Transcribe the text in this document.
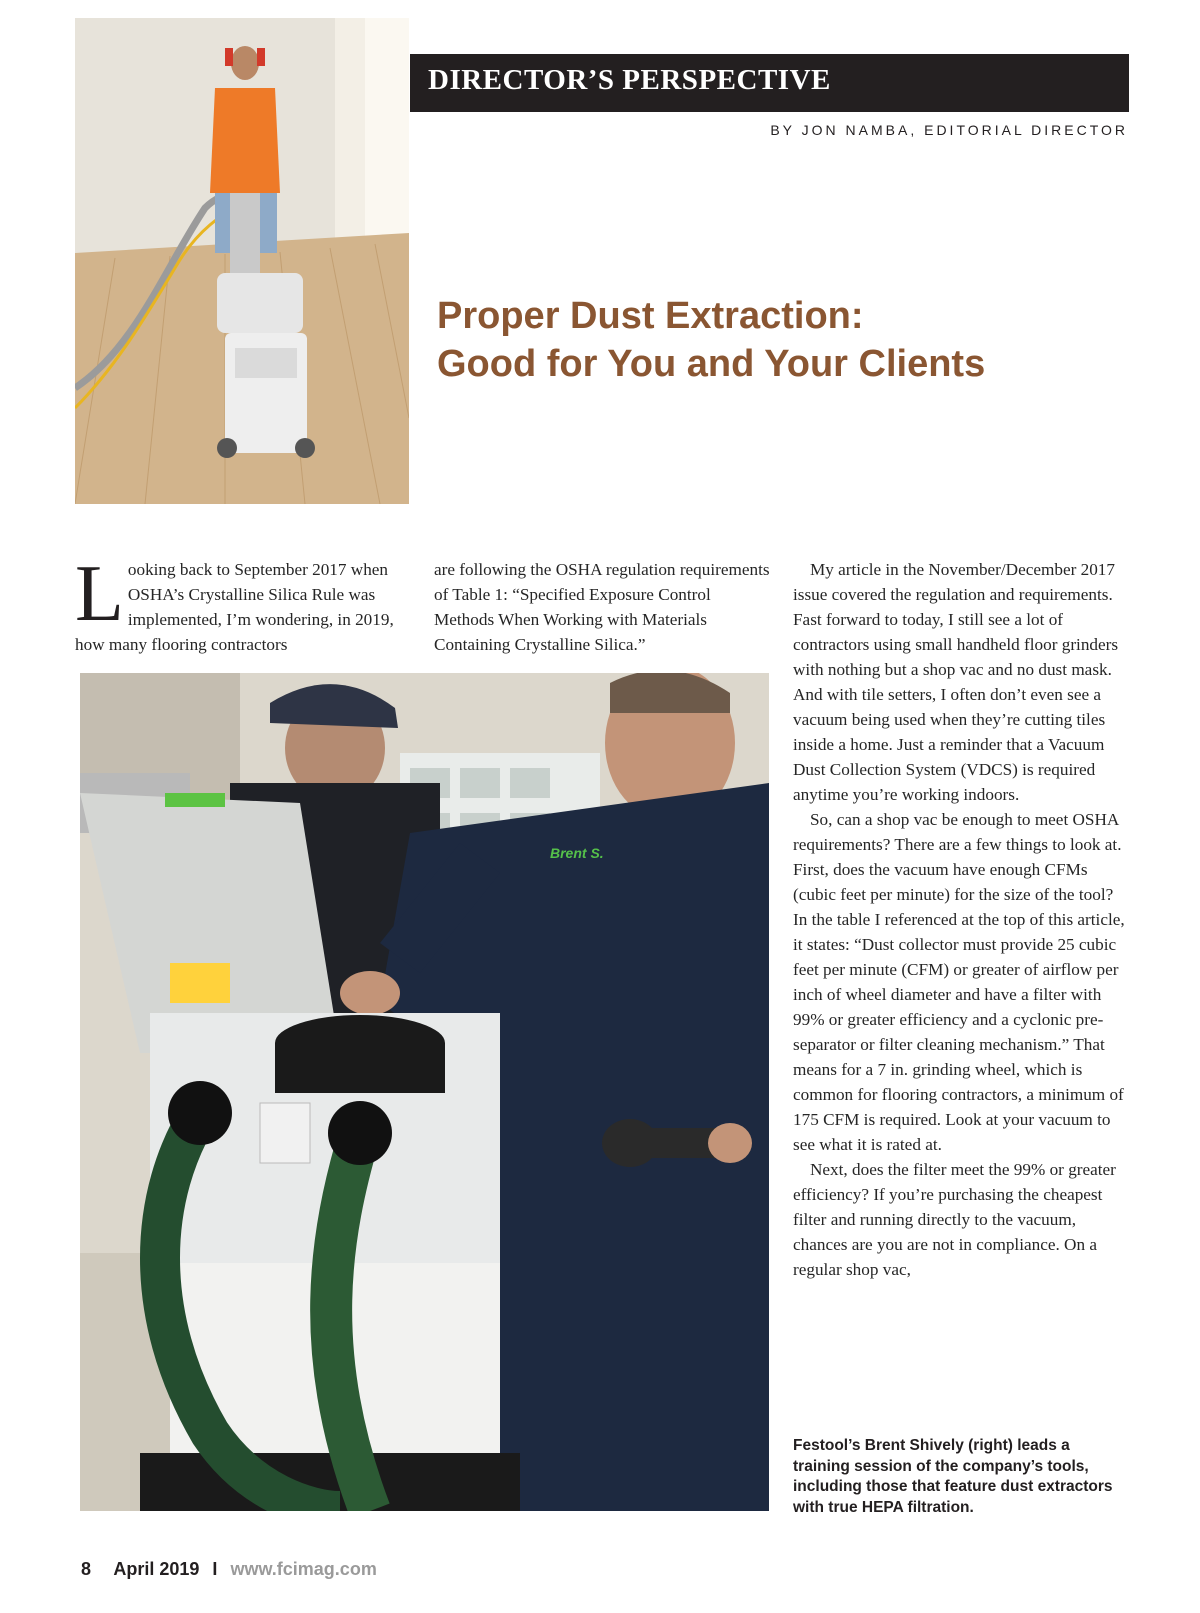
DIRECTOR’S PERSPECTIVE
BY JON NAMBA, EDITORIAL DIRECTOR
Proper Dust Extraction:
Good for You and Your Clients
L ooking back to September 2017 when OSHA’s Crystalline Silica Rule was implemented, I’m wondering, in 2019, how many flooring contractors

are following the OSHA regulation requirements of Table 1: “Specified Exposure Control Methods When Working with Materials Containing Crystalline Silica.”

My article in the November/December 2017 issue covered the regulation and requirements. Fast forward to today, I still see a lot of contractors using small handheld floor grinders with nothing but a shop vac and no dust mask. And with tile setters, I often don’t even see a vacuum being used when they’re cutting tiles inside a home. Just a reminder that a Vacuum Dust Collection System (VDCS) is required anytime you’re working indoors.

So, can a shop vac be enough to meet OSHA requirements? There are a few things to look at. First, does the vacuum have enough CFMs (cubic feet per minute) for the size of the tool? In the table I referenced at the top of this article, it states: “Dust collector must provide 25 cubic feet per minute (CFM) or greater of airflow per inch of wheel diameter and have a filter with 99% or greater efficiency and a cyclonic pre-separator or filter cleaning mechanism.” That means for a 7 in. grinding wheel, which is common for flooring contractors, a minimum of 175 CFM is required. Look at your vacuum to see what it is rated at.

Next, does the filter meet the 99% or greater efficiency? If you’re purchasing the cheapest filter and running directly to the vacuum, chances are you are not in compliance. On a regular shop vac,

Brent S.
Festool’s Brent Shively (right) leads a training session of the company’s tools, including those that feature dust extractors with true HEPA filtration.
8 April 2019 I www.fcimag.com
